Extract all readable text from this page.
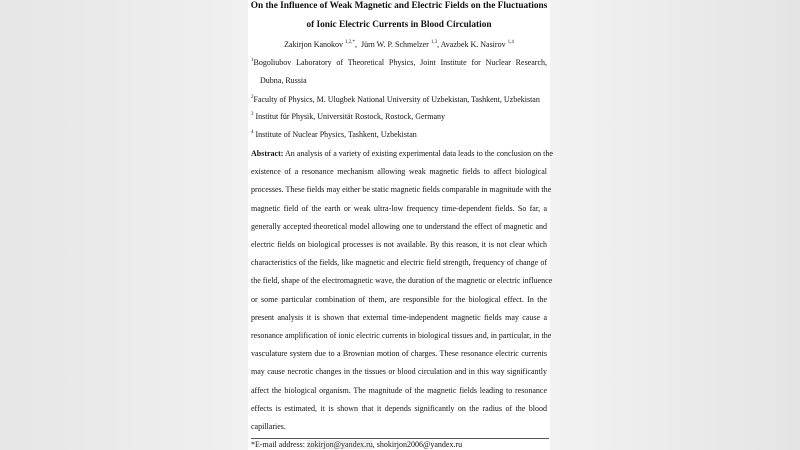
On the Influence of Weak Magnetic and Electric Fields on the Fluctuations
of Ionic Electric Currents in Blood Circulation
Zakirjon Kanokov $^{1,2,*}$,  Jürn W. P. Schmelzer $^{1,3}$, Avazbek K. Nasirov $^{1,4}$
$^1$Bogoliubov Laboratory of Theoretical Physics, Joint Institute for Nuclear Research,
Dubna, Russia
$^2$Faculty of Physics, M. Ulugbek National University of Uzbekistan, Tashkent, Uzbekistan
$^3$ Institut für Physik, Universität Rostock, Rostock, Germany
$^4$ Institute of Nuclear Physics, Tashkent, Uzbekistan
Abstract: An analysis of a variety of existing experimental data leads to the conclusion on the
existence of a resonance mechanism allowing weak magnetic fields to affect biological
processes. These fields may either be static magnetic fields comparable in magnitude with the
magnetic field of the earth or weak ultra-low frequency time-dependent fields. So far, a
generally accepted theoretical model allowing one to understand the effect of magnetic and
electric fields on biological processes is not available. By this reason, it is not clear which
characteristics of the fields, like magnetic and electric field strength, frequency of change of
the field, shape of the electromagnetic wave, the duration of the magnetic or electric influence
or some particular combination of them, are responsible for the biological effect. In the
present analysis it is shown that external time-independent magnetic fields may cause a
resonance amplification of ionic electric currents in biological tissues and, in particular, in the
vasculature system due to a Brownian motion of charges. These resonance electric currents
may cause necrotic changes in the tissues or blood circulation and in this way significantly
affect the biological organism. The magnitude of the magnetic fields leading to resonance
effects is estimated, it is shown that it depends significantly on the radius of the blood
capillaries.
*E-mail address: zokirjon@yandex.ru, shokirjon2006@yandex.ru
